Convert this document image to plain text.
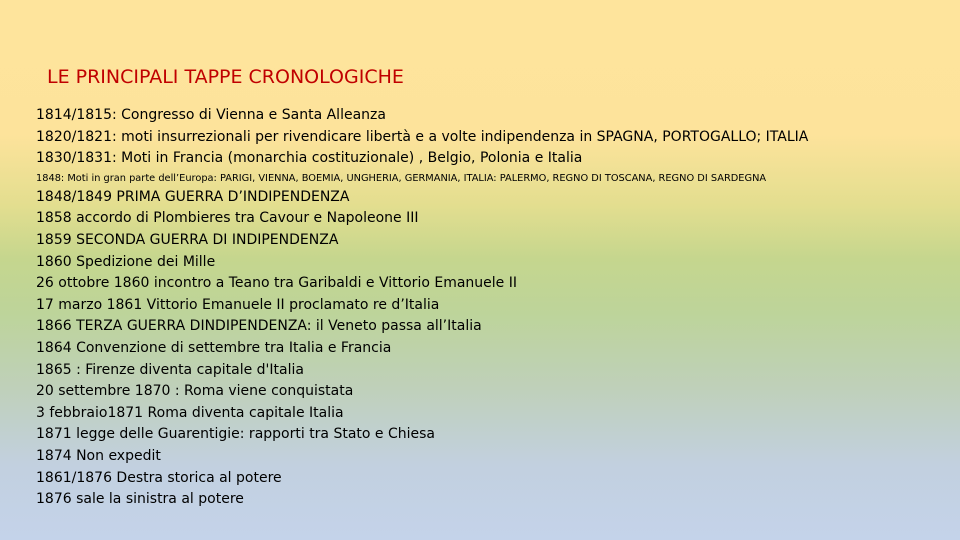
LE PRINCIPALI TAPPE CRONOLOGICHE
1814/1815: Congresso di Vienna e Santa Alleanza
1820/1821: moti insurrezionali per rivendicare libertà e a volte indipendenza in SPAGNA, PORTOGALLO; ITALIA
1830/1831: Moti in Francia (monarchia costituzionale) , Belgio, Polonia e Italia
1848: Moti in gran parte dell’Europa: PARIGI, VIENNA, BOEMIA, UNGHERIA, GERMANIA, ITALIA: PALERMO, REGNO DI TOSCANA, REGNO DI SARDEGNA
1848/1849 PRIMA GUERRA D’INDIPENDENZA
1858 accordo di Plombieres tra Cavour e Napoleone III
1859 SECONDA GUERRA DI INDIPENDENZA
1860 Spedizione dei Mille
26 ottobre 1860 incontro a Teano tra Garibaldi e Vittorio Emanuele II
17 marzo 1861 Vittorio Emanuele II proclamato re d’Italia
1866 TERZA GUERRA DINDIPENDENZA: il Veneto passa all’Italia
1864 Convenzione di settembre tra Italia e Francia
1865 : Firenze diventa capitale d'Italia
20 settembre 1870 : Roma viene conquistata
3 febbraio1871 Roma diventa capitale Italia
1871 legge delle Guarentigie: rapporti tra Stato e Chiesa
1874 Non expedit
1861/1876 Destra storica al potere
1876 sale la sinistra al potere
